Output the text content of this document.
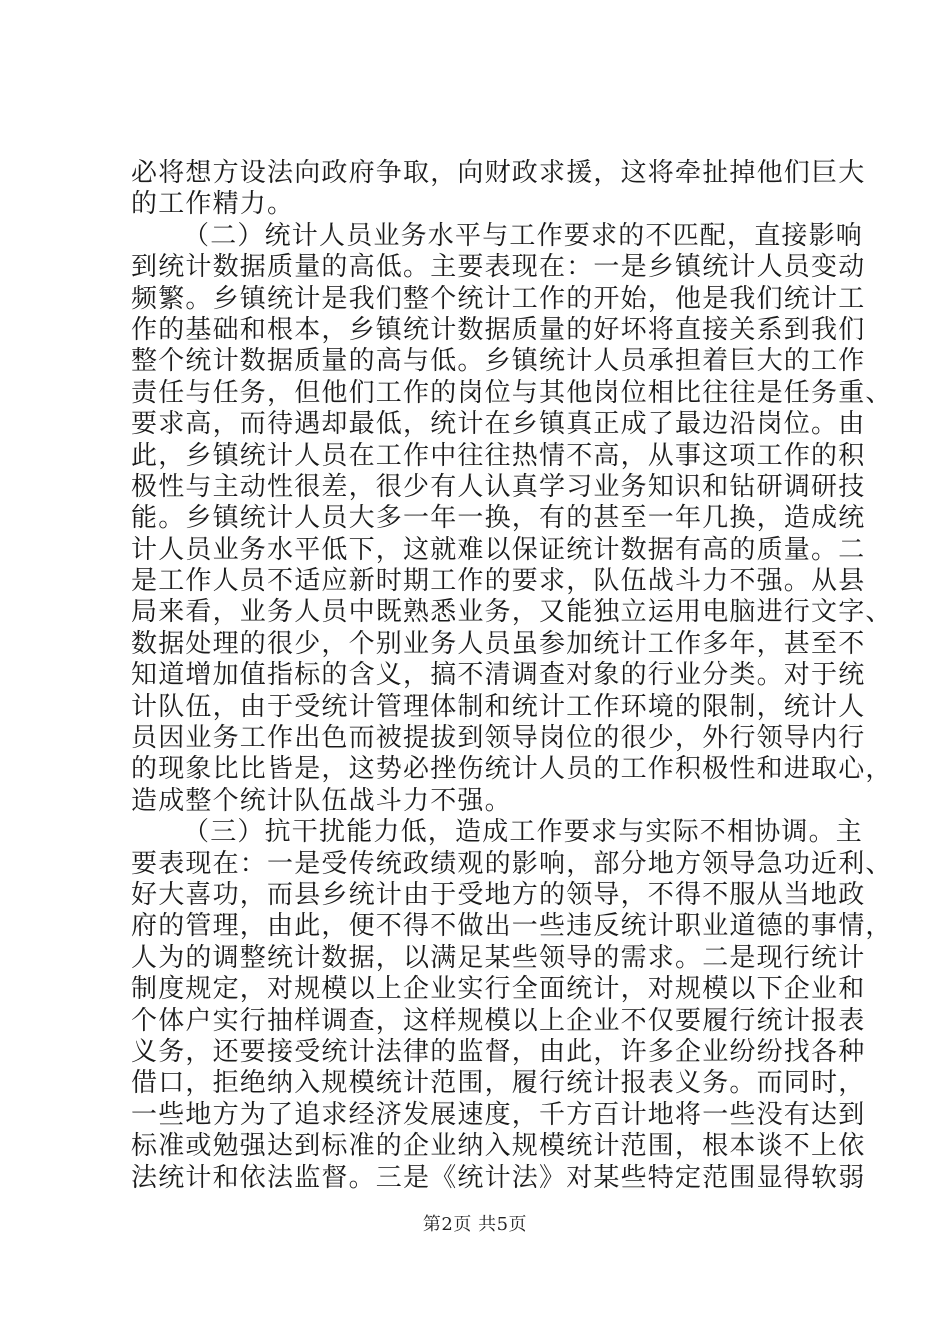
必将想方设法向政府争取，向财政求援，这将牵扯掉他们巨大
的工作精力。
（二）统计人员业务水平与工作要求的不匹配，直接影响
到统计数据质量的高低。主要表现在：一是乡镇统计人员变动
频繁。乡镇统计是我们整个统计工作的开始，他是我们统计工
作的基础和根本，乡镇统计数据质量的好坏将直接关系到我们
整个统计数据质量的高与低。乡镇统计人员承担着巨大的工作
责任与任务，但他们工作的岗位与其他岗位相比往往是任务重、
要求高，而待遇却最低，统计在乡镇真正成了最边沿岗位。由
此，乡镇统计人员在工作中往往热情不高，从事这项工作的积
极性与主动性很差，很少有人认真学习业务知识和钻研调研技
能。乡镇统计人员大多一年一换，有的甚至一年几换，造成统
计人员业务水平低下，这就难以保证统计数据有高的质量。二
是工作人员不适应新时期工作的要求，队伍战斗力不强。从县
局来看，业务人员中既熟悉业务，又能独立运用电脑进行文字、
数据处理的很少，个别业务人员虽参加统计工作多年，甚至不
知道增加值指标的含义，搞不清调查对象的行业分类。对于统
计队伍，由于受统计管理体制和统计工作环境的限制，统计人
员因业务工作出色而被提拔到领导岗位的很少，外行领导内行
的现象比比皆是，这势必挫伤统计人员的工作积极性和进取心，
造成整个统计队伍战斗力不强。
（三）抗干扰能力低，造成工作要求与实际不相协调。主
要表现在：一是受传统政绩观的影响，部分地方领导急功近利、
好大喜功，而县乡统计由于受地方的领导，不得不服从当地政
府的管理，由此，便不得不做出一些违反统计职业道德的事情，
人为的调整统计数据，以满足某些领导的需求。二是现行统计
制度规定，对规模以上企业实行全面统计，对规模以下企业和
个体户实行抽样调查，这样规模以上企业不仅要履行统计报表
义务，还要接受统计法律的监督，由此，许多企业纷纷找各种
借口，拒绝纳入规模统计范围，履行统计报表义务。而同时，
一些地方为了追求经济发展速度，千方百计地将一些没有达到
标准或勉强达到标准的企业纳入规模统计范围，根本谈不上依
法统计和依法监督。三是《统计法》对某些特定范围显得软弱
第2页 共5页
